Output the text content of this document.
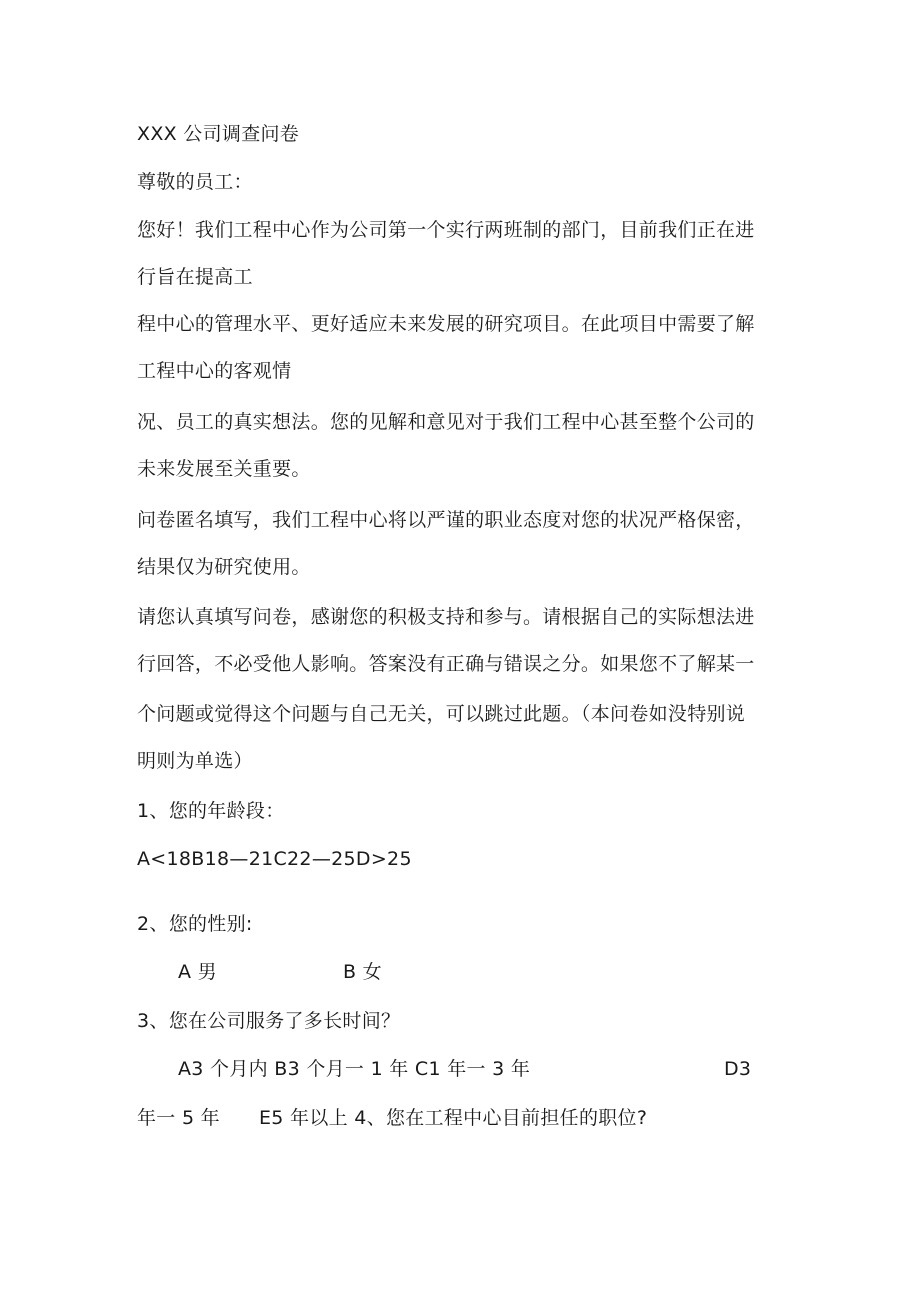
XXX 公司调查问卷
尊敬的员工：
您好！我们工程中心作为公司第一个实行两班制的部门，目前我们正在进
行旨在提高工
程中心的管理水平、更好适应未来发展的研究项目。在此项目中需要了解
工程中心的客观情
况、员工的真实想法。您的见解和意见对于我们工程中心甚至整个公司的
未来发展至关重要。
问卷匿名填写，我们工程中心将以严谨的职业态度对您的状况严格保密，
结果仅为研究使用。
请您认真填写问卷，感谢您的积极支持和参与。请根据自己的实际想法进
行回答，不必受他人影响。答案没有正确与错误之分。如果您不了解某一
个问题或觉得这个问题与自己无关，可以跳过此题。（本问卷如没特别说
明则为单选）
1、您的年龄段：
A<18B18—21C22—25D>25
2、您的性别:
A 男	B 女
3、您在公司服务了多长时间？
A3 个月内 B3 个月一 1 年 C1 年一 3 年	D3
年一 5 年 E5 年以上 4、您在工程中心目前担任的职位?
